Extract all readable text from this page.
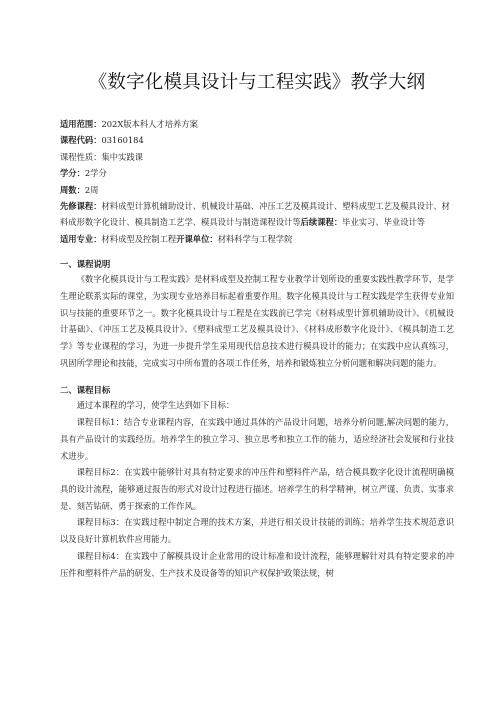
《数字化模具设计与工程实践》教学大纲
适用范围：202X版本科人才培养方案
课程代码：03160184
课程性质：集中实践课
学分：2学分
周数：2周
先修课程：材料成型计算机辅助设计、机械设计基础、冲压工艺及模具设计、塑料成型工艺及模具设计、材料成形数字化设计、模具制造工艺学、模具设计与制造课程设计等后续课程：毕业实习、毕业设计等
适用专业：材料成型及控制工程开课单位：材料科学与工程学院
一、课程说明

《数字化模具设计与工程实践》是材料成型及控制工程专业教学计划所设的重要实践性教学环节，是学生理论联系实际的课堂，为实现专业培养目标起着重要作用。数字化模具设计与工程实践是学生获得专业知识与技能的重要环节之一。数字化模具设计与工程是在实践前已学完《材料成型计算机辅助设计》、《机械设计基础》、《冲压工艺及模具设计》、《塑料成型工艺及模具设计》、《材料成形数字化设计》、《模具制造工艺学》等专业课程的学习，为进一步提升学生采用现代信息技术进行模具设计的能力；在实践中应认真练习，巩固所学理论和技能，完成实习中所布置的各项工作任务，培养和锻炼独立分析问题和解决问题的能力。

二、课程目标

通过本课程的学习，使学生达到如下目标：

课程目标1：结合专业课程内容，在实践中通过具体的产品设计问题，培养分析问题,解决问题的能力，具有产品设计的实践经历。培养学生的独立学习、独立思考和独立工作的能力，适应经济社会发展和行业技术进步。

课程目标2：在实践中能够针对具有特定要求的冲压件和塑料件产品，结合模具数字化设计流程明确模具的设计流程，能够通过报告的形式对设计过程进行描述。培养学生的科学精神，树立严谨、负责、实事求是、刻苦钻研、勇于探索的工作作风。

课程目标3：在实践过程中制定合理的技术方案，并进行相关设计技能的训练；培养学生技术规范意识以及良好计算机软件应用能力。

课程目标4：在实践中了解模具设计企业常用的设计标准和设计流程，能够理解针对具有特定要求的冲压件和塑料件产品的研发、生产技术及设备等的知识产权保护政策法规，树
